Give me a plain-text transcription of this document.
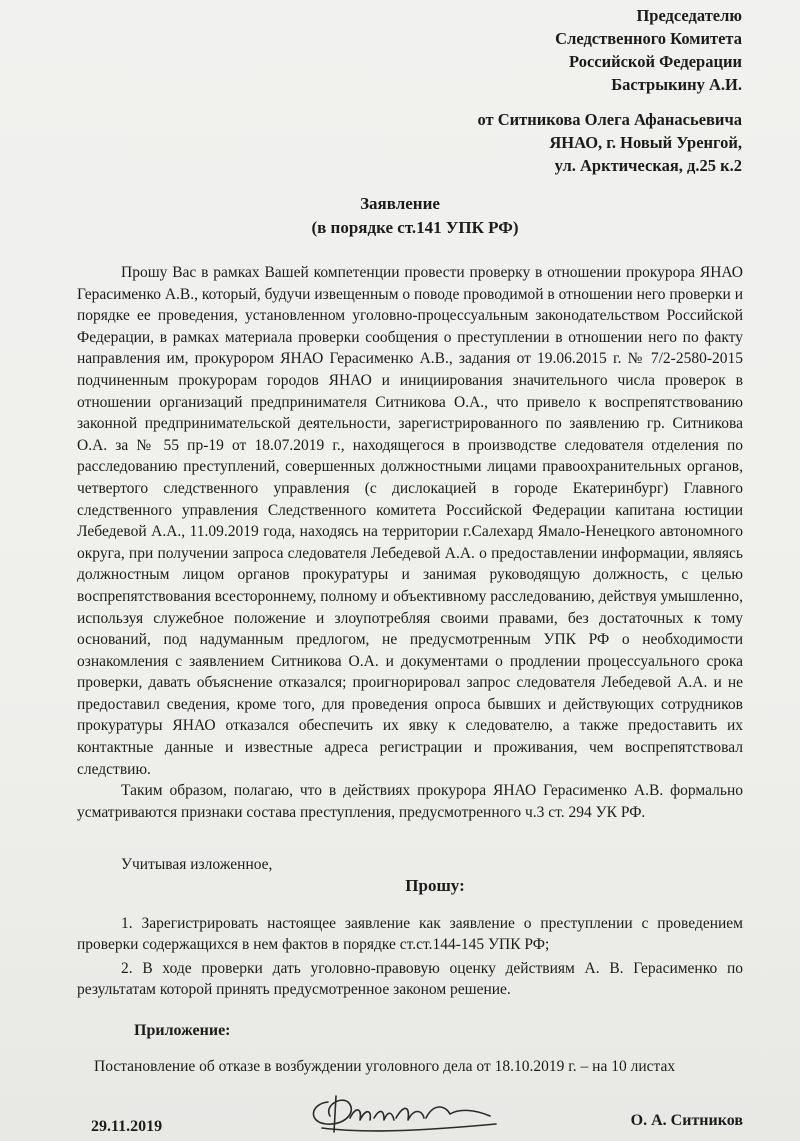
Председателю
Следственного Комитета
Российской Федерации
Бастрыкину А.И.
от Ситникова Олега Афанасьевича
ЯНАО, г. Новый Уренгой,
ул. Арктическая, д.25 к.2
Заявление
(в порядке ст.141 УПК РФ)

Прошу Вас в рамках Вашей компетенции провести проверку в отношении прокурора ЯНАО Герасименко А.В., который, будучи извещенным о поводе проводимой в отношении него проверки и порядке ее проведения, установленном уголовно-процессуальным законодательством Российской Федерации, в рамках материала проверки сообщения о преступлении в отношении него по факту направления им, прокурором ЯНАО Герасименко А.В., задания от 19.06.2015 г. № 7/2-2580-2015 подчиненным прокурорам городов ЯНАО и инициирования значительного числа проверок в отношении организаций предпринимателя Ситникова О.А., что привело к воспрепятствованию законной предпринимательской деятельности, зарегистрированного по заявлению гр. Ситникова О.А. за № 55 пр-19 от 18.07.2019 г., находящегося в производстве следователя отделения по расследованию преступлений, совершенных должностными лицами правоохранительных органов, четвертого следственного управления (с дислокацией в городе Екатеринбург) Главного следственного управления Следственного комитета Российской Федерации капитана юстиции Лебедевой А.А., 11.09.2019 года, находясь на территории г.Салехард Ямало-Ненецкого автономного округа, при получении запроса следователя Лебедевой А.А. о предоставлении информации, являясь должностным лицом органов прокуратуры и занимая руководящую должность, с целью воспрепятствования всестороннему, полному и объективному расследованию, действуя умышленно, используя служебное положение и злоупотребляя своими правами, без достаточных к тому оснований, под надуманным предлогом, не предусмотренным УПК РФ о необходимости ознакомления с заявлением Ситникова О.А. и документами о продлении процессуального срока проверки, давать объяснение отказался; проигнорировал запрос следователя Лебедевой А.А. и не предоставил сведения, кроме того, для проведения опроса бывших и действующих сотрудников прокуратуры ЯНАО отказался обеспечить их явку к следователю, а также предоставить их контактные данные и известные адреса регистрации и проживания, чем воспрепятствовал следствию.

Таким образом, полагаю, что в действиях прокурора ЯНАО Герасименко А.В. формально усматриваются признаки состава преступления, предусмотренного ч.3 ст. 294 УК РФ.

Учитывая изложенное,
Прошу:

1. Зарегистрировать настоящее заявление как заявление о преступлении с проведением проверки содержащихся в нем фактов в порядке ст.ст.144-145 УПК РФ;

2. В ходе проверки дать уголовно-правовую оценку действиям А. В. Герасименко по результатам которой принять предусмотренное законом решение.

Приложение:
Постановление об отказе в возбуждении уголовного дела от 18.10.2019 г. – на 10 листах
29.11.2019	О. А. Ситников
